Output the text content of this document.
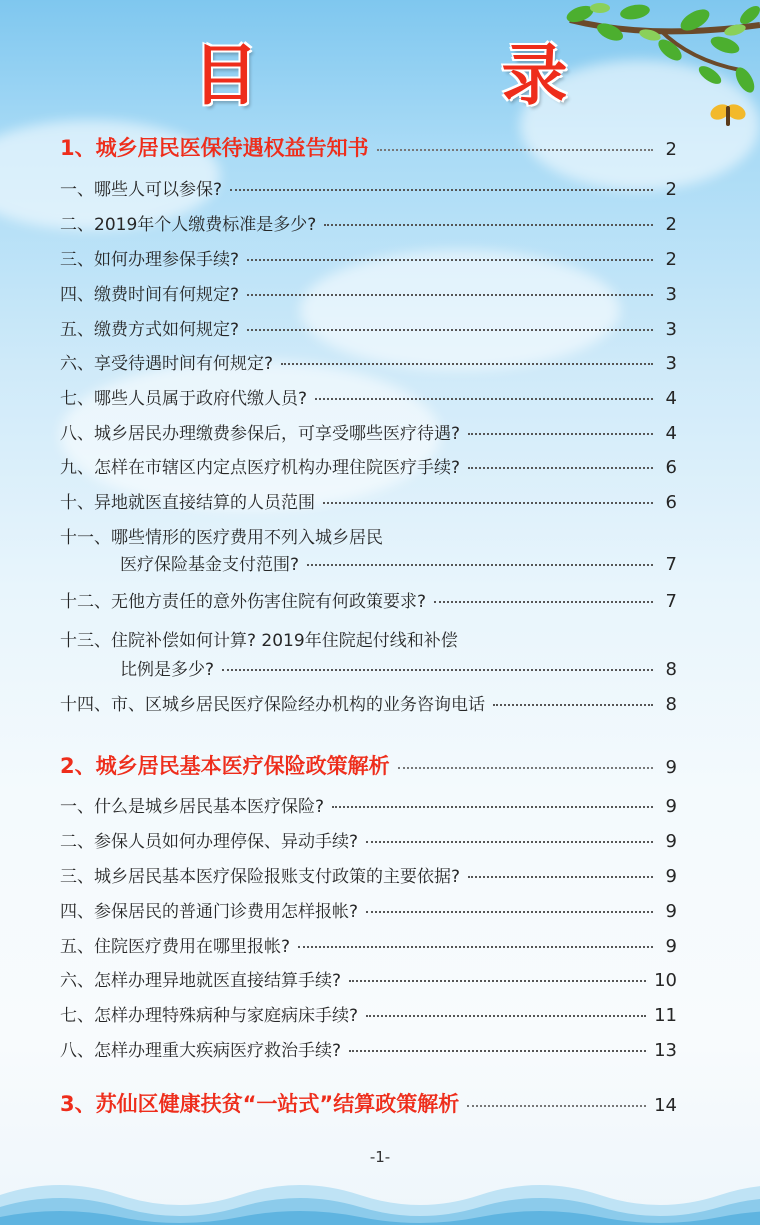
目 录
1、城乡居民医保待遇权益告知书	2
一、哪些人可以参保?	2
二、2019年个人缴费标准是多少?	2
三、如何办理参保手续?	2
四、缴费时间有何规定?	3
五、缴费方式如何规定?	3
六、享受待遇时间有何规定?	3
七、哪些人员属于政府代缴人员?	4
八、城乡居民办理缴费参保后，可享受哪些医疗待遇?	4
九、怎样在市辖区内定点医疗机构办理住院医疗手续?	6
十、异地就医直接结算的人员范围	6
十一、哪些情形的医疗费用不列入城乡居民
医疗保险基金支付范围?	7
十二、无他方责任的意外伤害住院有何政策要求?	7
十三、住院补偿如何计算? 2019年住院起付线和补偿
比例是多少?	8
十四、市、区城乡居民医疗保险经办机构的业务咨询电话	8
2、城乡居民基本医疗保险政策解析	9
一、什么是城乡居民基本医疗保险?	9
二、参保人员如何办理停保、异动手续?	9
三、城乡居民基本医疗保险报账支付政策的主要依据?	9
四、参保居民的普通门诊费用怎样报帐?	9
五、住院医疗费用在哪里报帐?	9
六、怎样办理异地就医直接结算手续?	10
七、怎样办理特殊病种与家庭病床手续?	11
八、怎样办理重大疾病医疗救治手续?	13
3、苏仙区健康扶贫“一站式”结算政策解析	14
-1-
